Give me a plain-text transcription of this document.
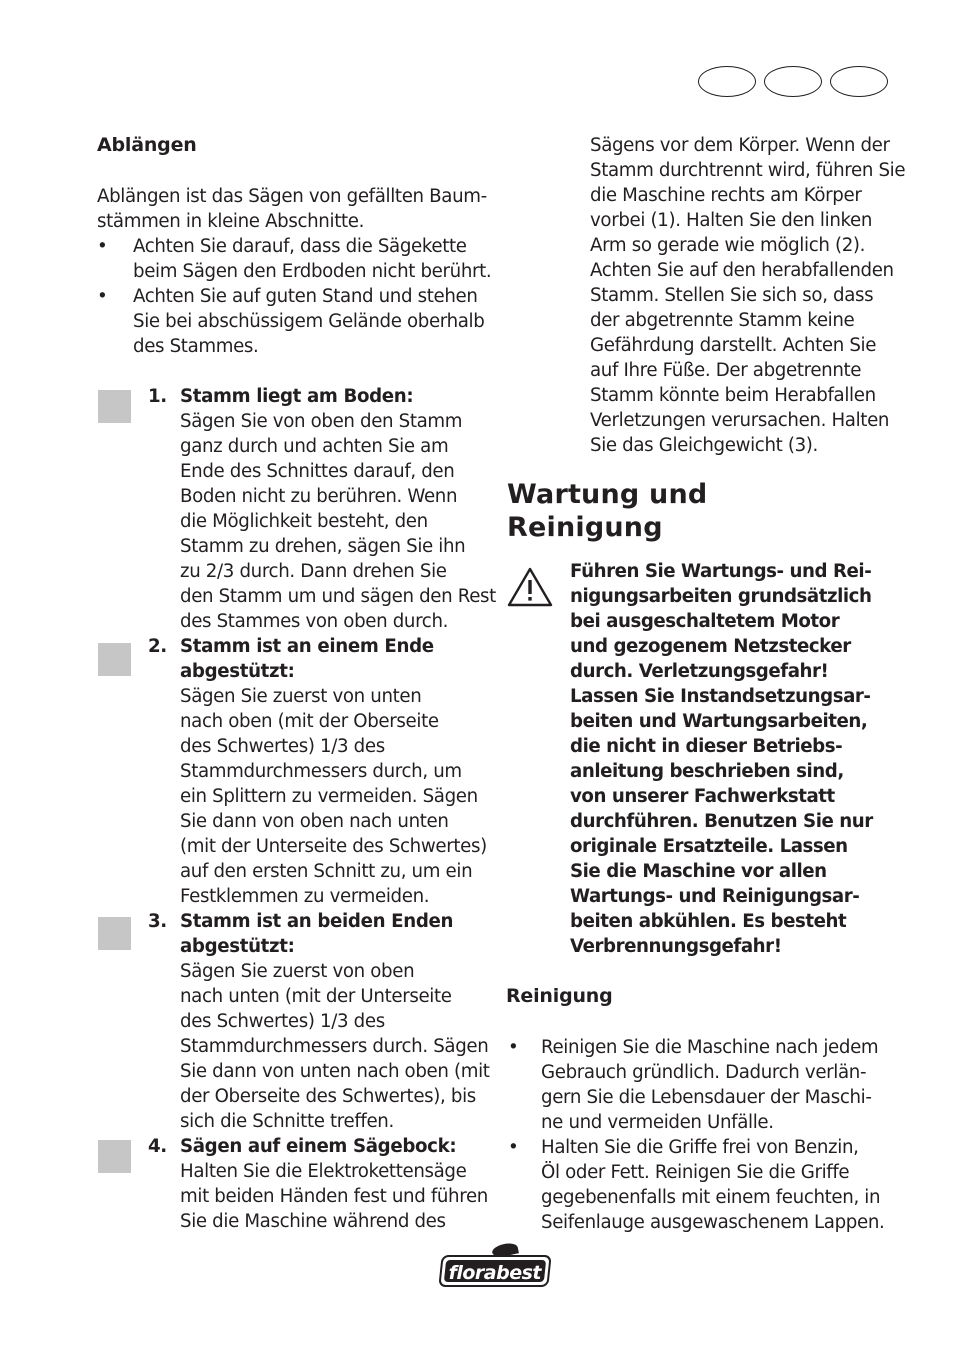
Ablängen
Ablängen ist das Sägen von gefällten Baum-
stämmen in kleine Abschnitte.
• Achten Sie darauf, dass die Sägekette
beim Sägen den Erdboden nicht berührt.
• Achten Sie auf guten Stand und stehen
Sie bei abschüssigem Gelände oberhalb
des Stammes.
1. Stamm liegt am Boden:
Sägen Sie von oben den Stamm
ganz durch und achten Sie am
Ende des Schnittes darauf, den
Boden nicht zu berühren. Wenn
die Möglichkeit besteht, den
Stamm zu drehen, sägen Sie ihn
zu 2/3 durch. Dann drehen Sie
den Stamm um und sägen den Rest
des Stammes von oben durch.
2. Stamm ist an einem Ende
abgestützt:
Sägen Sie zuerst von unten
nach oben (mit der Oberseite
des Schwertes) 1/3 des
Stammdurchmessers durch, um
ein Splittern zu vermeiden. Sägen
Sie dann von oben nach unten
(mit der Unterseite des Schwertes)
auf den ersten Schnitt zu, um ein
Festklemmen zu vermeiden.
3. Stamm ist an beiden Enden
abgestützt:
Sägen Sie zuerst von oben
nach unten (mit der Unterseite
des Schwertes) 1/3 des
Stammdurchmessers durch. Sägen
Sie dann von unten nach oben (mit
der Oberseite des Schwertes), bis
sich die Schnitte treffen.
4. Sägen auf einem Sägebock:
Halten Sie die Elektrokettensäge
mit beiden Händen fest und führen
Sie die Maschine während des
Sägens vor dem Körper. Wenn der
Stamm durchtrennt wird, führen Sie
die Maschine rechts am Körper
vorbei (1). Halten Sie den linken
Arm so gerade wie möglich (2).
Achten Sie auf den herabfallenden
Stamm. Stellen Sie sich so, dass
der abgetrennte Stamm keine
Gefährdung darstellt. Achten Sie
auf Ihre Füße. Der abgetrennte
Stamm könnte beim Herabfallen
Verletzungen verursachen. Halten
Sie das Gleichgewicht (3).
Wartung und
Reinigung
Führen Sie Wartungs- und Rei-
nigungsarbeiten grundsätzlich
bei ausgeschaltetem Motor
und gezogenem Netzstecker
durch. Verletzungsgefahr!
Lassen Sie Instandsetzungsar-
beiten und Wartungsarbeiten,
die nicht in dieser Betriebs-
anleitung beschrieben sind,
von unserer Fachwerkstatt
durchführen. Benutzen Sie nur
originale Ersatzteile. Lassen
Sie die Maschine vor allen
Wartungs- und Reinigungsar-
beiten abkühlen. Es besteht
Verbrennungsgefahr!
Reinigung
• Reinigen Sie die Maschine nach jedem
Gebrauch gründlich. Dadurch verlän-
gern Sie die Lebensdauer der Maschi-
ne und vermeiden Unfälle.
• Halten Sie die Griffe frei von Benzin,
Öl oder Fett. Reinigen Sie die Griffe
gegebenenfalls mit einem feuchten, in
Seifenlauge ausgewaschenem Lappen.
florabest
